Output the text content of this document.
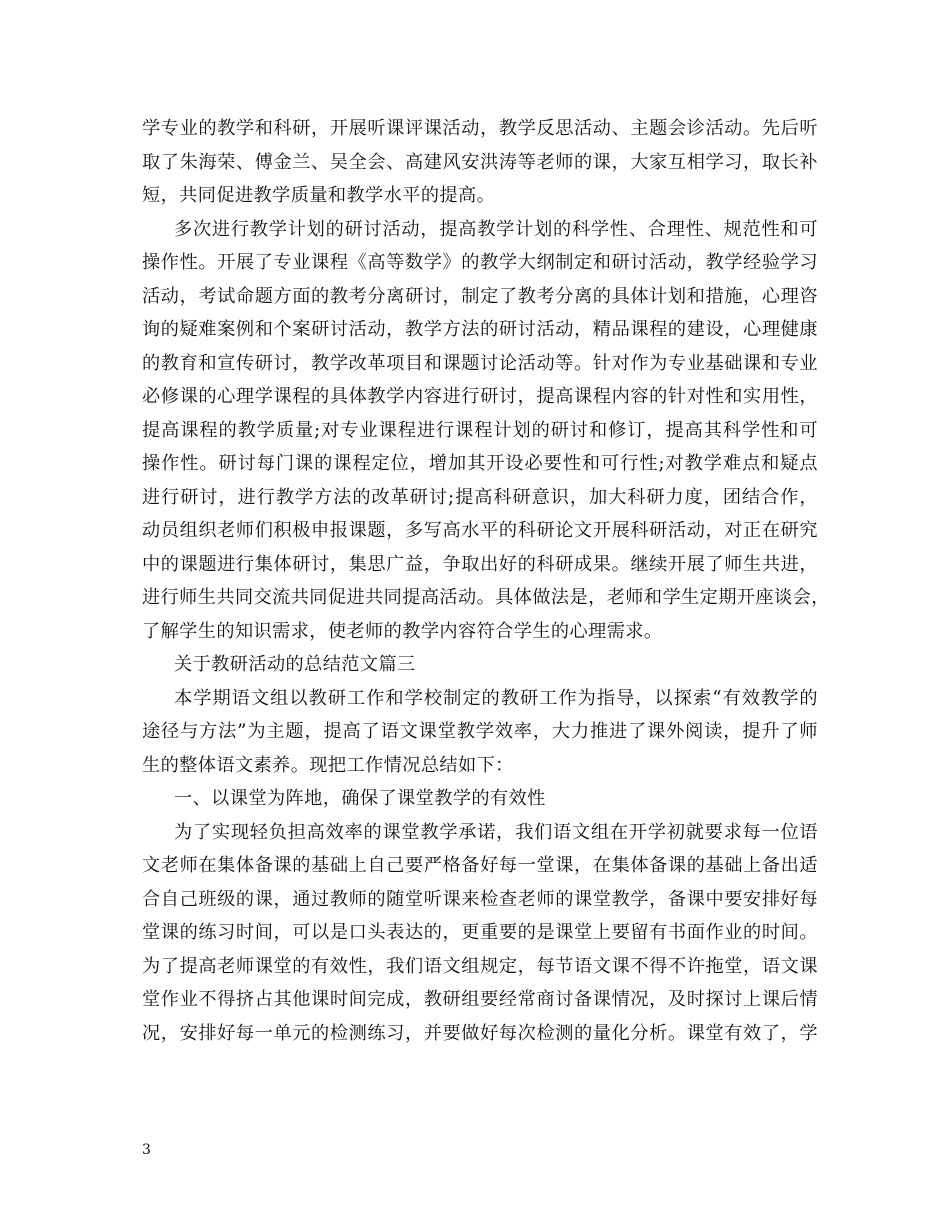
学专业的教学和科研，开展听课评课活动，教学反思活动、主题会诊活动。先后听
取了朱海荣、傅金兰、吴全会、高建风安洪涛等老师的课，大家互相学习，取长补
短，共同促进教学质量和教学水平的提高。
多次进行教学计划的研讨活动，提高教学计划的科学性、合理性、规范性和可
操作性。开展了专业课程《高等数学》的教学大纲制定和研讨活动，教学经验学习
活动，考试命题方面的教考分离研讨，制定了教考分离的具体计划和措施，心理咨
询的疑难案例和个案研讨活动，教学方法的研讨活动，精品课程的建设，心理健康
的教育和宣传研讨，教学改革项目和课题讨论活动等。针对作为专业基础课和专业
必修课的心理学课程的具体教学内容进行研讨，提高课程内容的针对性和实用性，
提高课程的教学质量;对专业课程进行课程计划的研讨和修订，提高其科学性和可
操作性。研讨每门课的课程定位，增加其开设必要性和可行性;对教学难点和疑点
进行研讨，进行教学方法的改革研讨;提高科研意识，加大科研力度，团结合作，
动员组织老师们积极申报课题，多写高水平的科研论文开展科研活动，对正在研究
中的课题进行集体研讨，集思广益，争取出好的科研成果。继续开展了师生共进，
进行师生共同交流共同促进共同提高活动。具体做法是，老师和学生定期开座谈会，
了解学生的知识需求，使老师的教学内容符合学生的心理需求。
关于教研活动的总结范文篇三
本学期语文组以教研工作和学校制定的教研工作为指导，以探索“有效教学的
途径与方法”为主题，提高了语文课堂教学效率，大力推进了课外阅读，提升了师
生的整体语文素养。现把工作情况总结如下：
一、以课堂为阵地，确保了课堂教学的有效性
为了实现轻负担高效率的课堂教学承诺，我们语文组在开学初就要求每一位语
文老师在集体备课的基础上自己要严格备好每一堂课，在集体备课的基础上备出适
合自己班级的课，通过教师的随堂听课来检查老师的课堂教学，备课中要安排好每
堂课的练习时间，可以是口头表达的，更重要的是课堂上要留有书面作业的时间。
为了提高老师课堂的有效性，我们语文组规定，每节语文课不得不许拖堂，语文课
堂作业不得挤占其他课时间完成，教研组要经常商讨备课情况，及时探讨上课后情
况，安排好每一单元的检测练习，并要做好每次检测的量化分析。课堂有效了，学
3
